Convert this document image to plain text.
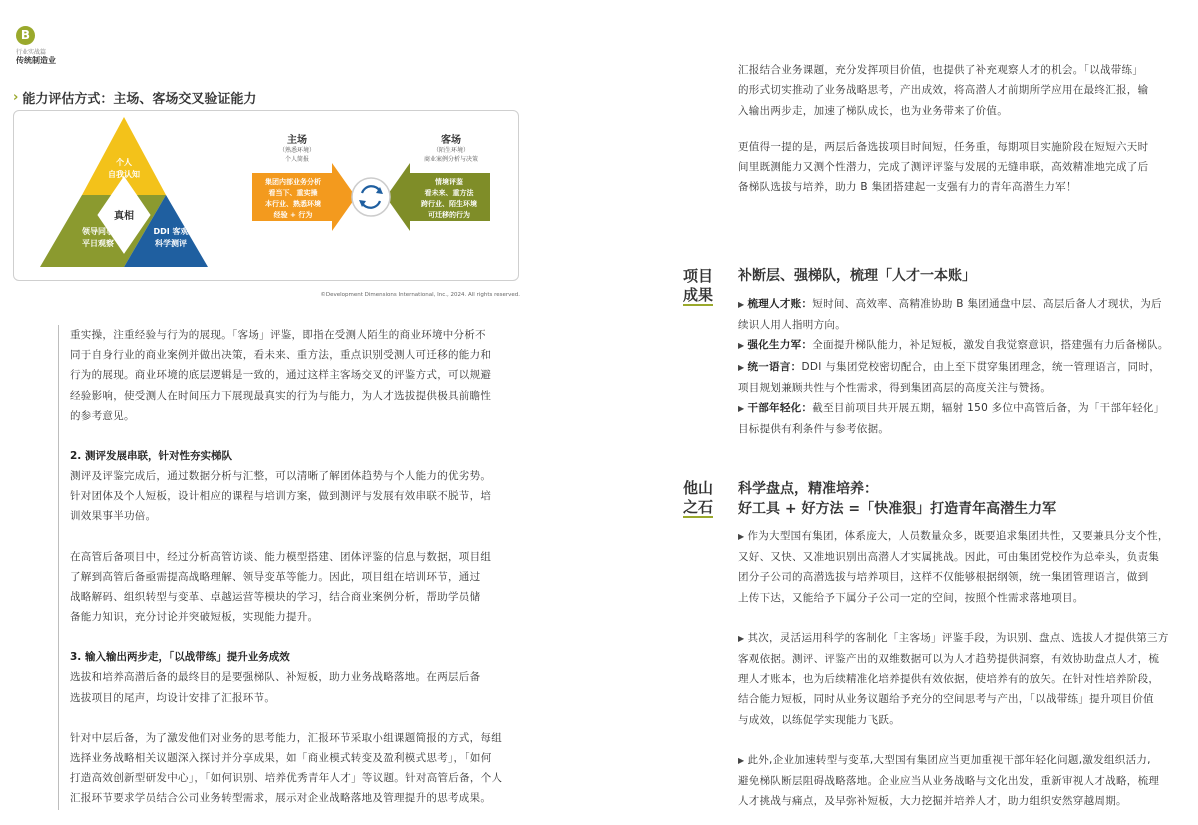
B
行业实战篇
传统制造业
› 能力评估方式：主场、客场交叉验证能力
个人
自我认知
真相
领导同事
平日观察
DDI 客观
科学测评
主场
（熟悉环境）
个人简报
集团内部业务分析
看当下、重实操
本行业、熟悉环境
经验 + 行为
客场
（陌生环境）
商业案例分析与决策
情境评鉴
看未来、重方法
跨行业、陌生环境
可迁移的行为
©Development Dimensions International, Inc., 2024. All rights reserved.

重实操，注重经验与行为的展现。「客场」评鉴，即指在受测人陌生的商业环境中分析不

同于自身行业的商业案例并做出决策，看未来、重方法，重点识别受测人可迁移的能力和

行为的展现。商业环境的底层逻辑是一致的，通过这样主客场交叉的评鉴方式，可以规避

经验影响，使受测人在时间压力下展现最真实的行为与能力，为人才选拔提供极具前瞻性

的参考意见。

2. 测评发展串联，针对性夯实梯队

测评及评鉴完成后，通过数据分析与汇整，可以清晰了解团体趋势与个人能力的优劣势。

针对团体及个人短板，设计相应的课程与培训方案，做到测评与发展有效串联不脱节，培

训效果事半功倍。

在高管后备项目中，经过分析高管访谈、能力模型搭建、团体评鉴的信息与数据，项目组

了解到高管后备亟需提高战略理解、领导变革等能力。因此，项目组在培训环节，通过

战略解码、组织转型与变革、卓越运营等模块的学习，结合商业案例分析，帮助学员储

备能力知识，充分讨论并突破短板，实现能力提升。

3. 输入输出两步走，「以战带练」提升业务成效

选拔和培养高潜后备的最终目的是要强梯队、补短板，助力业务战略落地。在两层后备

选拔项目的尾声，均设计安排了汇报环节。

针对中层后备，为了激发他们对业务的思考能力，汇报环节采取小组课题简报的方式，每组

选择业务战略相关议题深入探讨并分享成果，如「商业模式转变及盈利模式思考」，「如何

打造高效创新型研发中心」，「如何识别、培养优秀青年人才」等议题。针对高管后备，个人

汇报环节要求学员结合公司业务转型需求，展示对企业战略落地及管理提升的思考成果。

汇报结合业务课题，充分发挥项目价值，也提供了补充观察人才的机会。「以战带练」

的形式切实推动了业务战略思考，产出成效，将高潜人才前期所学应用在最终汇报，输

入输出两步走，加速了梯队成长，也为业务带来了价值。

更值得一提的是，两层后备选拔项目时间短，任务重，每期项目实施阶段在短短六天时

间里既测能力又测个性潜力，完成了测评评鉴与发展的无缝串联，高效精准地完成了后

备梯队选拔与培养，助力 B 集团搭建起一支强有力的青年高潜生力军！

项目
成果
补断层、强梯队，梳理「人才一本账」

▶ 梳理人才账：短时间、高效率、高精准协助 B 集团通盘中层、高层后备人才现状，为后

续识人用人指明方向。

▶ 强化生力军：全面提升梯队能力，补足短板，激发自我觉察意识，搭建强有力后备梯队。

▶ 统一语言：DDI 与集团党校密切配合，由上至下贯穿集团理念，统一管理语言，同时，

项目规划兼顾共性与个性需求，得到集团高层的高度关注与赞扬。

▶ 干部年轻化：截至目前项目共开展五期，辐射 150 多位中高管后备，为「干部年轻化」

目标提供有利条件与参考依据。

他山
之石
科学盘点，精准培养：
好工具 + 好方法 =「快准狠」打造青年高潜生力军

▶ 作为大型国有集团，体系庞大，人员数量众多，既要追求集团共性，又要兼具分支个性，

又好、又快、又准地识别出高潜人才实属挑战。因此，可由集团党校作为总牵头，负责集

团分子公司的高潜选拔与培养项目，这样不仅能够根据纲领，统一集团管理语言，做到

上传下达，又能给予下属分子公司一定的空间，按照个性需求落地项目。

▶ 其次，灵活运用科学的客制化「主客场」评鉴手段，为识别、盘点、选拔人才提供第三方

客观依据。测评、评鉴产出的双维数据可以为人才趋势提供洞察，有效协助盘点人才，梳

理人才账本，也为后续精准化培养提供有效依据，使培养有的放矢。在针对性培养阶段，

结合能力短板，同时从业务议题给予充分的空间思考与产出，「以战带练」提升项目价值

与成效，以练促学实现能力飞跃。

▶ 此外,企业加速转型与变革,大型国有集团应当更加重视干部年轻化问题,激发组织活力,

避免梯队断层阻碍战略落地。企业应当从业务战略与文化出发，重新审视人才战略，梳理

人才挑战与痛点，及早弥补短板，大力挖掘并培养人才，助力组织安然穿越周期。
